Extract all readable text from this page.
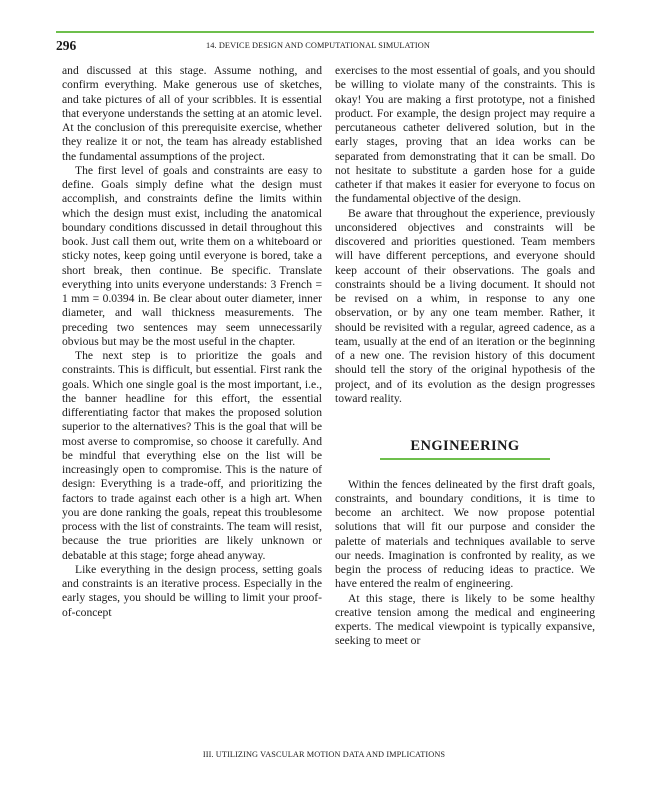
296	14. DEVICE DESIGN AND COMPUTATIONAL SIMULATION

and discussed at this stage. Assume nothing, and confirm everything. Make generous use of sketches, and take pictures of all of your scribbles. It is essential that everyone understands the setting at an atomic level. At the conclusion of this prerequisite exercise, whether they realize it or not, the team has already established the fundamental assumptions of the project.

The first level of goals and constraints are easy to define. Goals simply define what the design must accomplish, and constraints define the limits within which the design must exist, including the anatomical boundary conditions discussed in detail throughout this book. Just call them out, write them on a whiteboard or sticky notes, keep going until everyone is bored, take a short break, then continue. Be specific. Translate everything into units everyone understands: 3 French = 1 mm = 0.0394 in. Be clear about outer diameter, inner diameter, and wall thickness measurements. The preceding two sentences may seem unnecessarily obvious but may be the most useful in the chapter.

The next step is to prioritize the goals and constraints. This is difficult, but essential. First rank the goals. Which one single goal is the most important, i.e., the banner headline for this effort, the essential differentiating factor that makes the proposed solution superior to the alternatives? This is the goal that will be most averse to compromise, so choose it carefully. And be mindful that everything else on the list will be increasingly open to compromise. This is the nature of design: Everything is a trade-off, and prioritizing the factors to trade against each other is a high art. When you are done ranking the goals, repeat this troublesome process with the list of constraints. The team will resist, because the true priorities are likely unknown or debatable at this stage; forge ahead anyway.

Like everything in the design process, setting goals and constraints is an iterative process. Especially in the early stages, you should be willing to limit your proof-of-concept

exercises to the most essential of goals, and you should be willing to violate many of the constraints. This is okay! You are making a first prototype, not a finished product. For example, the design project may require a percutaneous catheter delivered solution, but in the early stages, proving that an idea works can be separated from demonstrating that it can be small. Do not hesitate to substitute a garden hose for a guide catheter if that makes it easier for everyone to focus on the fundamental objective of the design.

Be aware that throughout the experience, previously unconsidered objectives and constraints will be discovered and priorities questioned. Team members will have different perceptions, and everyone should keep account of their observations. The goals and constraints should be a living document. It should not be revised on a whim, in response to any one observation, or by any one team member. Rather, it should be revisited with a regular, agreed cadence, as a team, usually at the end of an iteration or the beginning of a new one. The revision history of this document should tell the story of the original hypothesis of the project, and of its evolution as the design progresses toward reality.

ENGINEERING

Within the fences delineated by the first draft goals, constraints, and boundary conditions, it is time to become an architect. We now propose potential solutions that will fit our purpose and consider the palette of materials and techniques available to serve our needs. Imagination is confronted by reality, as we begin the process of reducing ideas to practice. We have entered the realm of engineering.

At this stage, there is likely to be some healthy creative tension among the medical and engineering experts. The medical viewpoint is typically expansive, seeking to meet or

III. UTILIZING VASCULAR MOTION DATA AND IMPLICATIONS
